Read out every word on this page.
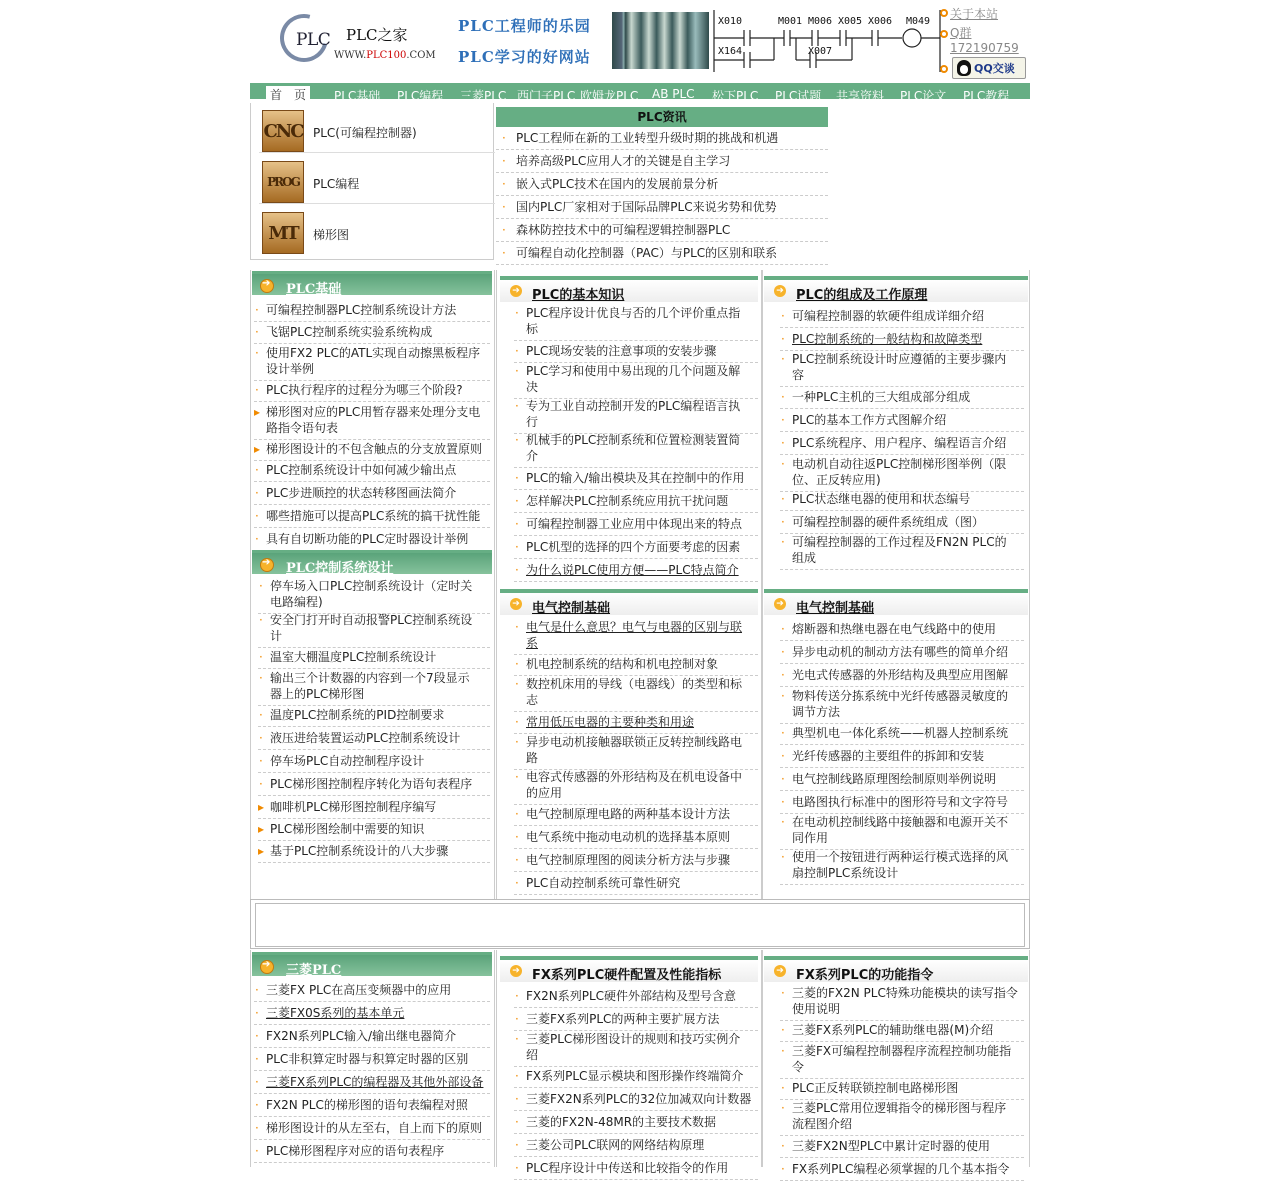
PLC PLC之家
WWW.PLC100.COM
PLC工程师的乐园
PLC学习的好网站
X010
X164
M001 M006 X005 X006 M049
X007
关于本站
Q群
172190759
QQ交谈
首　页	PLC基础 PLC编程 三菱PLC 西门子PLC 欧姆龙PLC AB PLC 松下PLC PLC试题 共享资料 PLC论文 PLC教程
CNC PLC(可编程控制器)
PROG	PLC编程
MT	梯形图
PLC资讯
· PLC工程师在新的工业转型升级时期的挑战和机遇
· 培养高级PLC应用人才的关键是自主学习
· 嵌入式PLC技术在国内的发展前景分析
· 国内PLC厂家相对于国际品牌PLC来说劣势和优势
· 森林防控技术中的可编程逻辑控制器PLC
· 可编程自动化控制器（PAC）与PLC的区别和联系
➔
PLC基础
· 可编程控制器PLC控制系统设计方法
· 飞锯PLC控制系统实验系统构成
· 使用FX2 PLC的ATL实现自动擦黑板程序
设计举例
· PLC执行程序的过程分为哪三个阶段?
▸ 梯形图对应的PLC用暂存器来处理分支电
路指令语句表
▸ 梯形图设计的不包含触点的分支放置原则
· PLC控制系统设计中如何减少输出点
· PLC步进顺控的状态转移图画法简介
· 哪些措施可以提高PLC系统的搞干扰性能
· 具有自切断功能的PLC定时器设计举例
➔
PLC控制系统设计
· 停车场入口PLC控制系统设计（定时关
电路编程)
· 安全门打开时自动报警PLC控制系统设
计
· 温室大棚温度PLC控制系统设计
· 输出三个计数器的内容到一个7段显示
器上的PLC梯形图
· 温度PLC控制系统的PID控制要求
· 液压进给装置运动PLC控制系统设计
· 停车场PLC自动控制程序设计
· PLC梯形图控制程序转化为语句表程序
▸ 咖啡机PLC梯形图控制程序编写
▸ PLC梯形图绘制中需要的知识
▸ 基于PLC控制系统设计的八大步骤
➔ PLC的基本知识
· PLC程序设计优良与否的几个评价重点指
标
· PLC现场安装的注意事项的安装步骤
· PLC学习和使用中易出现的几个问题及解
决
· 专为工业自动控制开发的PLC编程语言执
行
· 机械手的PLC控制系统和位置检测装置简
介
· PLC的输入/输出模块及其在控制中的作用
· 怎样解决PLC控制系统应用抗干扰问题
· 可编程控制器工业应用中体现出来的特点
· PLC机型的选择的四个方面要考虑的因素
· 为什么说PLC使用方便——PLC特点简介
➔ PLC的组成及工作原理
· 可编程控制器的软硬件组成详细介绍
· PLC控制系统的一般结构和故障类型
· PLC控制系统设计时应遵循的主要步骤内
容
· 一种PLC主机的三大组成部分组成
· PLC的基本工作方式图解介绍
· PLC系统程序、用户程序、编程语言介绍
· 电动机自动往返PLC控制梯形图举例（限
位、正反转应用)
· PLC状态继电器的使用和状态编号
· 可编程控制器的硬件系统组成（图）
· 可编程控制器的工作过程及FN2N PLC的
组成
➔ 电气控制基础
· 电气是什么意思？电气与电器的区别与联
系
· 机电控制系统的结构和机电控制对象
· 数控机床用的导线（电器线）的类型和标
志
· 常用低压电器的主要种类和用途
· 异步电动机接触器联锁正反转控制线路电
路
· 电容式传感器的外形结构及在机电设备中
的应用
· 电气控制原理电路的两种基本设计方法
· 电气系统中拖动电动机的选择基本原则
· 电气控制原理图的阅读分析方法与步骤
· PLC自动控制系统可靠性研究
➔ 电气控制基础
· 熔断器和热继电器在电气线路中的使用
· 异步电动机的制动方法有哪些的简单介绍
· 光电式传感器的外形结构及典型应用图解
· 物料传送分拣系统中光纤传感器灵敏度的
调节方法
· 典型机电一体化系统——机器人控制系统
· 光纤传感器的主要组件的拆卸和安装
· 电气控制线路原理图绘制原则举例说明
· 电路图执行标准中的图形符号和文字符号
· 在电动机控制线路中接触器和电源开关不
同作用
· 使用一个按钮进行两种运行模式选择的风
扇控制PLC系统设计
➔
三菱PLC
· 三菱FX PLC在高压变频器中的应用
· 三菱FX0S系列的基本单元
· FX2N系列PLC输入/输出继电器简介
· PLC非积算定时器与积算定时器的区别
· 三菱FX系列PLC的编程器及其他外部设备
· FX2N PLC的梯形图的语句表编程对照
· 梯形图设计的从左至右，自上而下的原则
· PLC梯形图程序对应的语句表程序
➔ FX系列PLC硬件配置及性能指标
· FX2N系列PLC硬件外部结构及型号含意
· 三菱FX系列PLC的两种主要扩展方法
· 三菱PLC梯形图设计的规则和技巧实例介
绍
· FX系列PLC显示模块和图形操作终端简介
· 三菱FX2N系列PLC的32位加减双向计数器
· 三菱的FX2N-48MR的主要技术数据
· 三菱公司PLC联网的网络结构原理
· PLC程序设计中传送和比较指令的作用
➔ FX系列PLC的功能指令
· 三菱的FX2N PLC特殊功能模块的读写指令
使用说明
· 三菱FX系列PLC的辅助继电器(M)介绍
· 三菱FX可编程控制器程序流程控制功能指
令
· PLC正反转联锁控制电路梯形图
· 三菱PLC常用位逻辑指令的梯形图与程序
流程图介绍
· 三菱FX2N型PLC中累计定时器的使用
· FX系列PLC编程必须掌握的几个基本指令
